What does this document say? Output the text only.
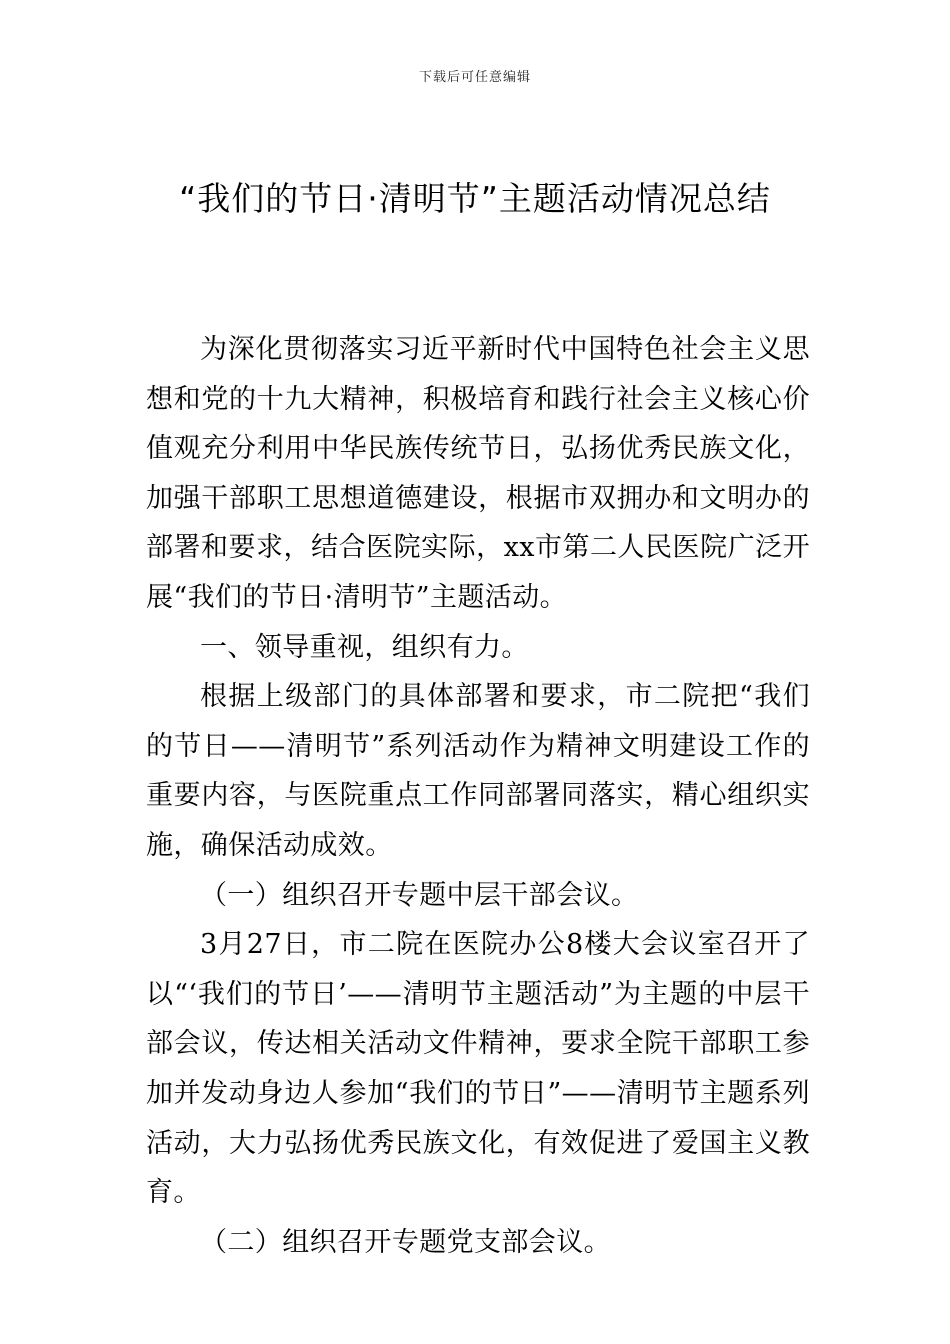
下载后可任意编辑
“我们的节日·清明节”主题活动情况总结

为深化贯彻落实习近平新时代中国特色社会主义思想和党的十九大精神，积极培育和践行社会主义核心价值观充分利用中华民族传统节日，弘扬优秀民族文化，加强干部职工思想道德建设，根据市双拥办和文明办的部署和要求，结合医院实际，xx市第二人民医院广泛开展“我们的节日·清明节”主题活动。

一、领导重视，组织有力。

根据上级部门的具体部署和要求，市二院把“我们的节日——清明节”系列活动作为精神文明建设工作的重要内容，与医院重点工作同部署同落实，精心组织实施，确保活动成效。

（一）组织召开专题中层干部会议。

3月27日，市二院在医院办公8楼大会议室召开了以“‘我们的节日’——清明节主题活动”为主题的中层干部会议，传达相关活动文件精神，要求全院干部职工参加并发动身边人参加“我们的节日”——清明节主题系列活动，大力弘扬优秀民族文化，有效促进了爱国主义教育。

（二）组织召开专题党支部会议。
